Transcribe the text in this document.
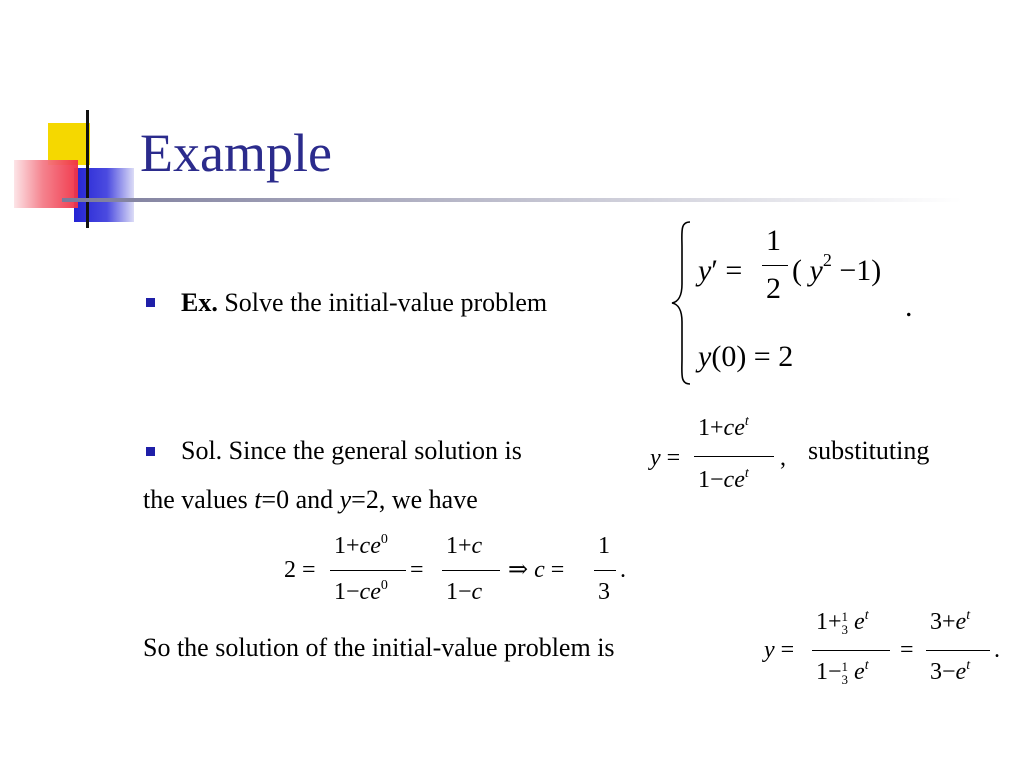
Example
Ex. Solve the initial-value problem
y′ =
1
2
( $y^2 -1$)
y(0) = 2
.
Sol. Since the general solution is	y =
$1+ce^t$
$1-ce^t$
, substituting
the values t=0 and y=2, we have
2 =
$1+ce^0$
$1-ce^0$
=
1+c
1−c
⇒ c =
1
3
.
So the solution of the initial-value problem is	y =
1+1
3 $e^t$
1−1
3 $e^t$
=
$3+e^t$
$3-e^t$
.
